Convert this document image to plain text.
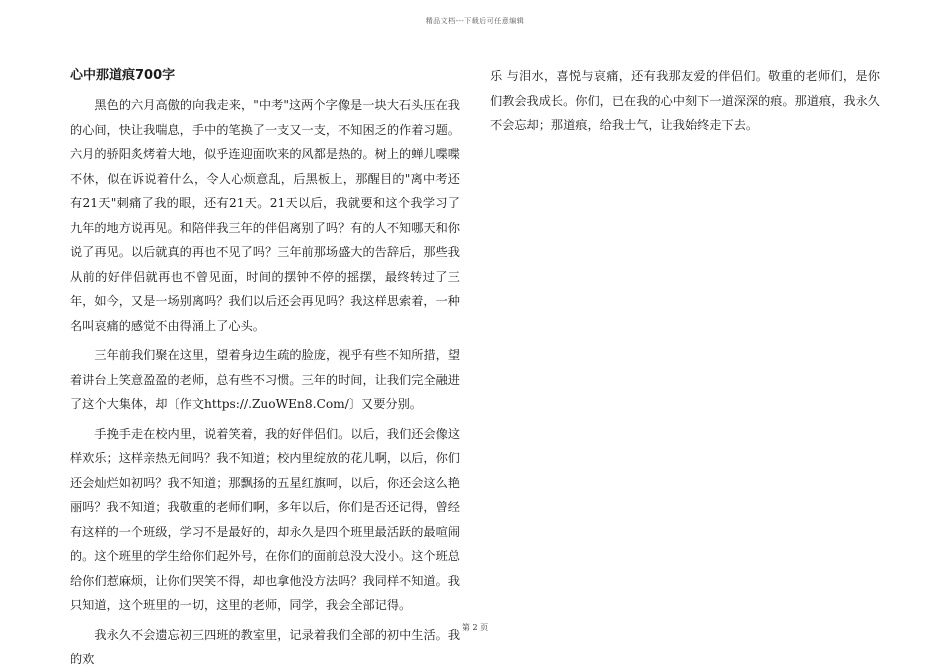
精品文档---下载后可任意编辑
心中那道痕700字

黑色的六月高傲的向我走来，"中考"这两个字像是一块大石头压在我的心间，快让我喘息，手中的笔换了一支又一支，不知困乏的作着习题。六月的骄阳炙烤着大地，似乎连迎面吹来的风都是热的。树上的蝉儿喋喋不休，似在诉说着什么，令人心烦意乱，后黑板上，那醒目的"离中考还有21天"刺痛了我的眼，还有21天。21天以后，我就要和这个我学习了九年的地方说再见。和陪伴我三年的伴侣离别了吗？有的人不知哪天和你说了再见。以后就真的再也不见了吗？三年前那场盛大的告辞后，那些我从前的好伴侣就再也不曾见面，时间的摆钟不停的摇摆，最终转过了三年，如今，又是一场别离吗？我们以后还会再见吗？我这样思索着，一种名叫哀痛的感觉不由得涌上了心头。

三年前我们聚在这里，望着身边生疏的脸庞，视乎有些不知所措，望着讲台上笑意盈盈的老师，总有些不习惯。三年的时间，让我们完全融进了这个大集体，却〔作文https://.ZuoWEn8.Com/〕又要分别。

手挽手走在校内里，说着笑着，我的好伴侣们。以后，我们还会像这样欢乐；这样亲热无间吗？我不知道；校内里绽放的花儿啊，以后，你们还会灿烂如初吗？我不知道；那飘扬的五星红旗呵，以后，你还会这么艳丽吗？我不知道；我敬重的老师们啊，多年以后，你们是否还记得，曾经有这样的一个班级，学习不是最好的，却永久是四个班里最活跃的最喧闹的。这个班里的学生给你们起外号，在你们的面前总没大没小。这个班总给你们惹麻烦，让你们哭笑不得，却也拿他没方法吗？我同样不知道。我只知道，这个班里的一切，这里的老师，同学，我会全部记得。

我永久不会遗忘初三四班的教室里，记录着我们全部的初中生活。我的欢

乐 与泪水，喜悦与哀痛，还有我那友爱的伴侣们。敬重的老师们，是你们教会我成长。你们，已在我的心中刻下一道深深的痕。那道痕，我永久不会忘却；那道痕，给我士气，让我始终走下去。

第 2 页
